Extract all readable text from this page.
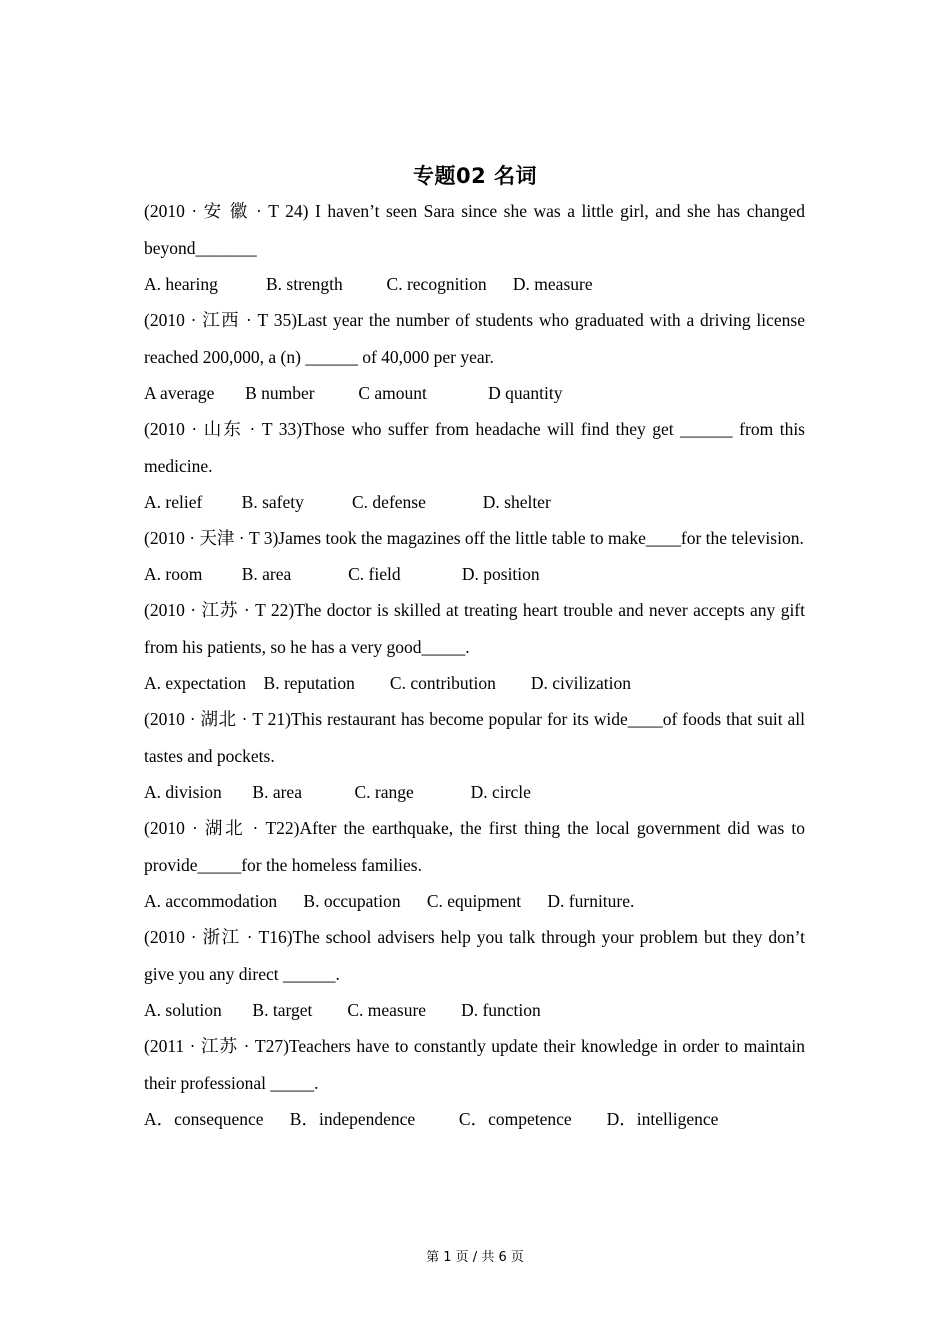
专题02 名词

(2010 · 安 徽 · T 24) I haven’t seen Sara since she was a little girl, and she has changed beyond_______

A. hearing           B. strength          C. recognition      D. measure

(2010 · 江西 · T 35)Last year the number of students who graduated with a driving license reached 200,000, a (n) ______ of 40,000 per year.

A average       B number          C amount              D quantity

(2010 · 山东 · T 33)Those who suffer from headache will find they get ______ from this medicine.

A. relief         B. safety           C. defense             D. shelter

(2010 · 天津 · T 3)James took the magazines off the little table to make____for the television.

A. room         B. area             C. field              D. position

(2010 · 江苏 · T 22)The doctor is skilled at treating heart trouble and never accepts any gift from his patients, so he has a very good_____.

A. expectation    B. reputation        C. contribution        D. civilization

(2010 · 湖北 · T 21)This restaurant has become popular for its wide____of foods that suit all tastes and pockets.

A. division       B. area            C. range             D. circle

(2010 · 湖北 · T22)After the earthquake, the first thing the local government did was to provide_____for the homeless families.

A. accommodation      B. occupation      C. equipment      D. furniture.

(2010 · 浙江 · T16)The school advisers help you talk through your problem but they don’t give you any direct ______.

A. solution       B. target        C. measure        D. function

(2011 · 江苏 · T27)Teachers have to constantly update their knowledge in order to maintain their professional _____.

A．consequence      B．independence          C．competence        D．intelligence

第 1 页 / 共 6 页
